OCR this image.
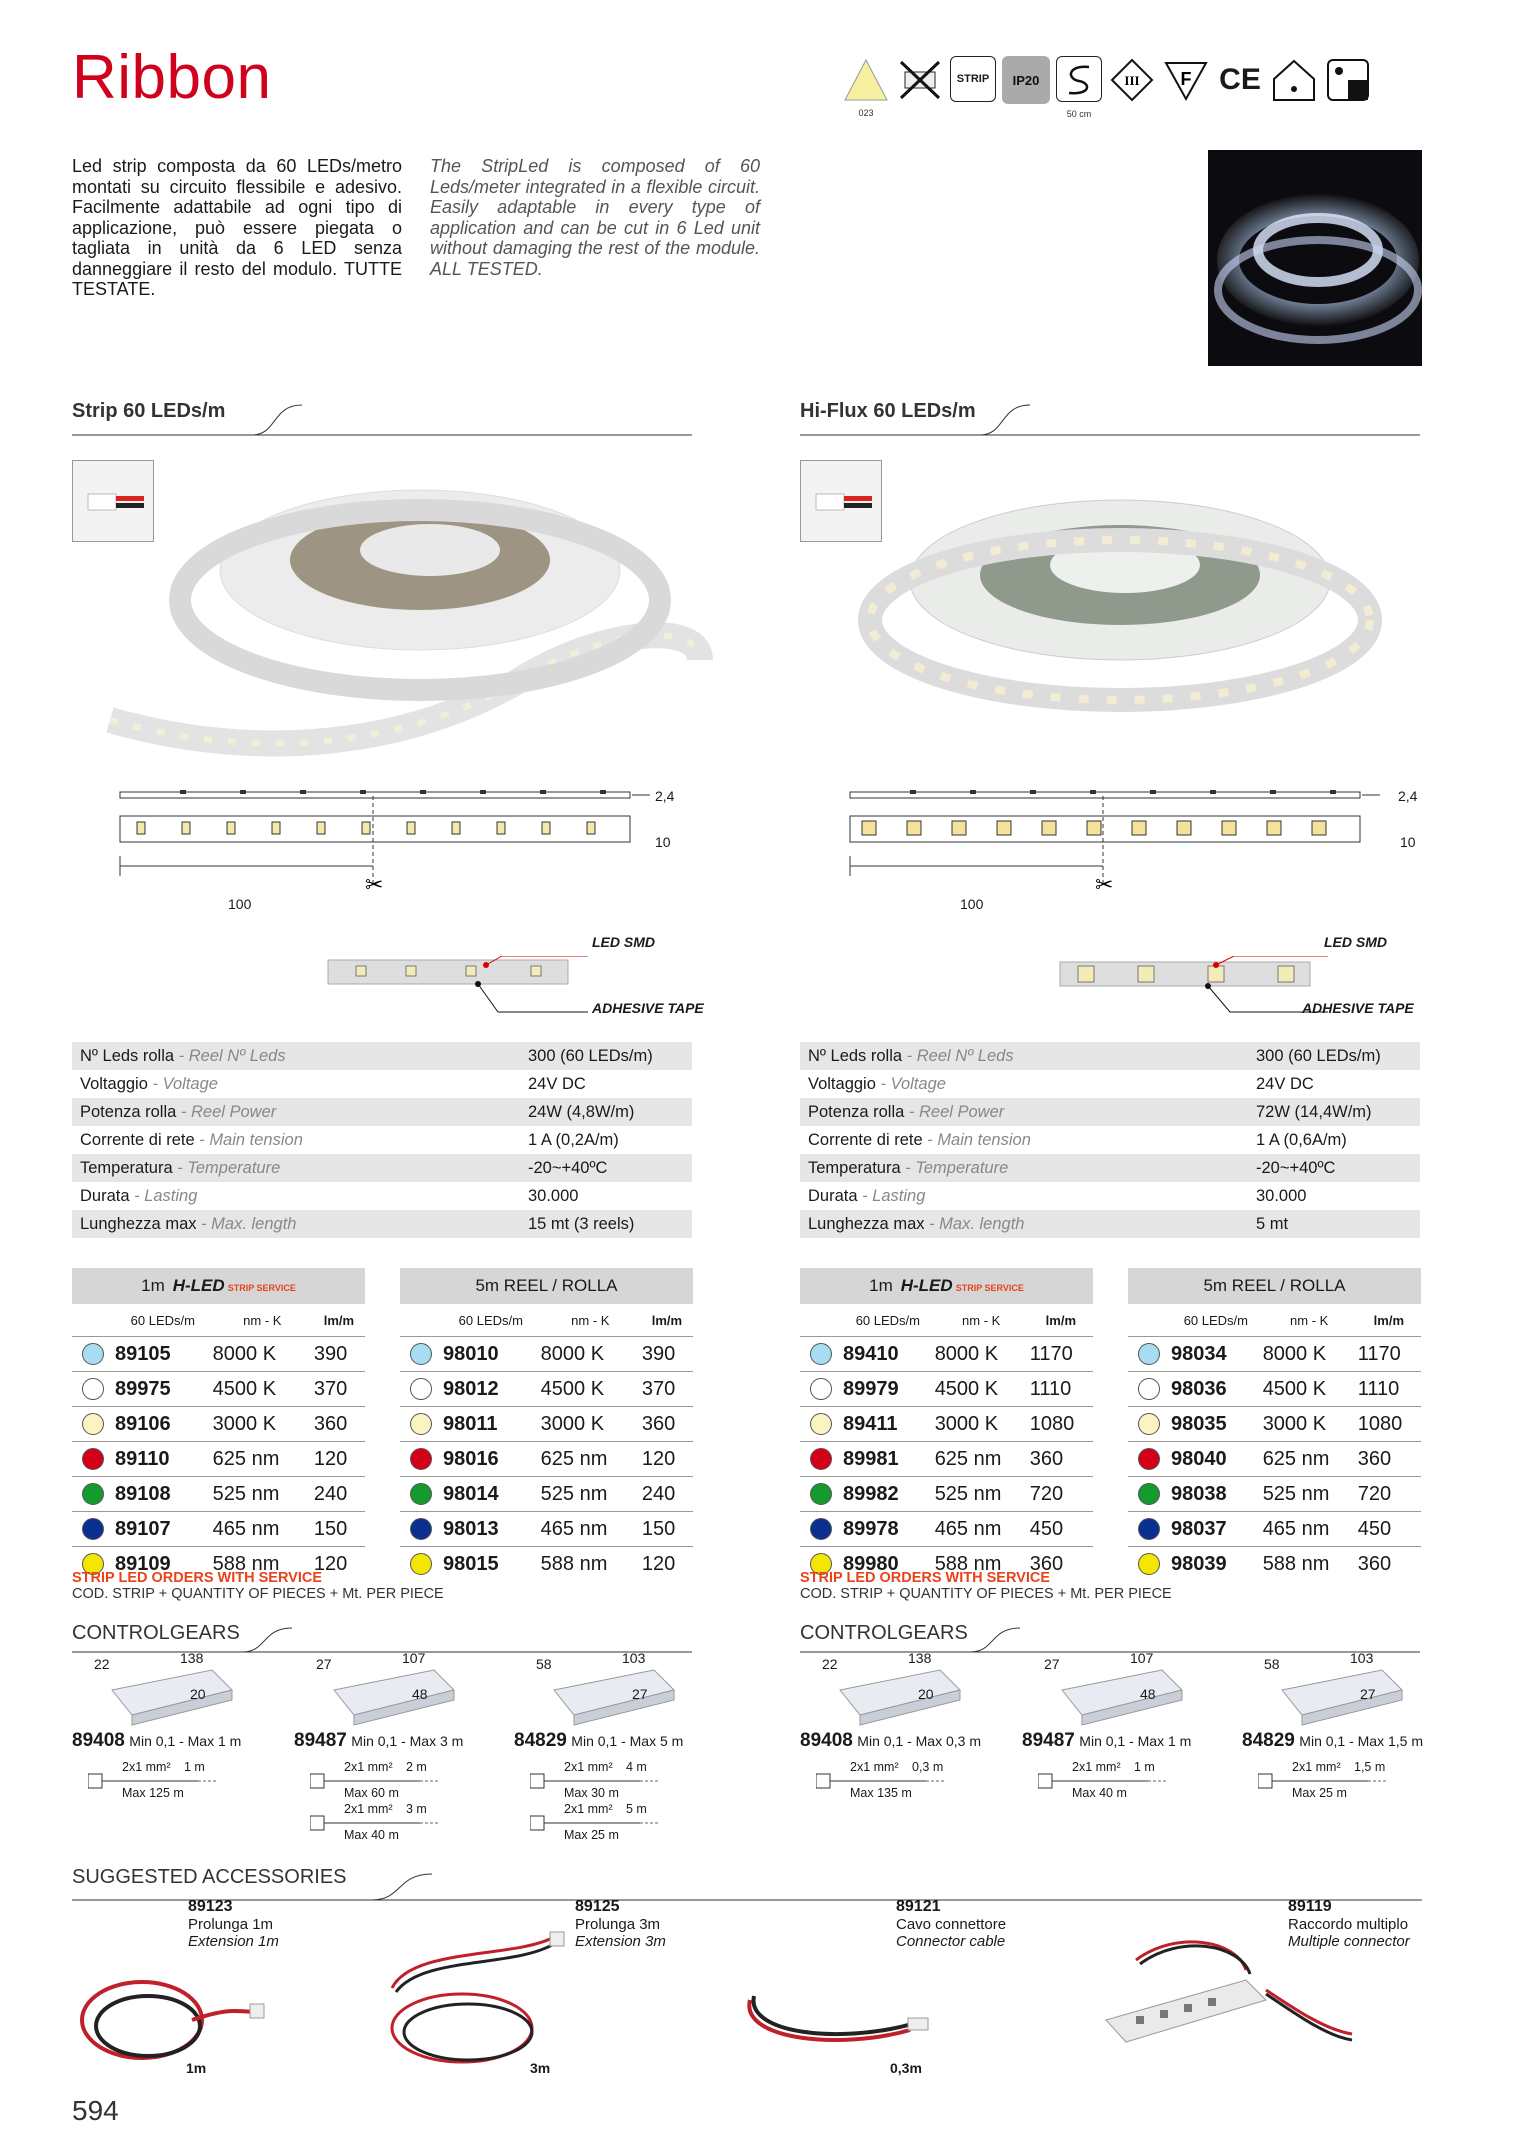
Ribbon
023
STRIP IP20
50 cm
III F CE
Led strip composta da 60 LEDs/metro montati su circuito flessibile e adesivo. Facilmente adattabile ad ogni tipo di applicazione, può essere piegata o tagliata in unità da 6 LED senza danneggiare il resto del modulo. TUTTE TESTATE.
The StripLed is composed of 60 Leds/meter integrated in a flexible circuit. Easily adaptable in every type of application and can be cut in 6 Led unit without damaging the rest of the module. ALL TESTED.
Strip 60 LEDs/m	Hi-Flux 60 LEDs/m
✂
2,4
10
100
✂
2,4
10
100
LED SMD
ADHESIVE TAPE
LED SMD
ADHESIVE TAPE
Nº Leds rolla - Reel Nº Leds	300 (60 LEDs/m)
Voltaggio - Voltage	24V DC
Potenza rolla - Reel Power	24W (4,8W/m)
Corrente di rete - Main tension	1 A (0,2A/m)
Temperatura - Temperature	-20~+40ºC
Durata - Lasting	30.000
Lunghezza max - Max. length	15 mt (3 reels)
Nº Leds rolla - Reel Nº Leds	300 (60 LEDs/m)
Voltaggio - Voltage	24V DC
Potenza rolla - Reel Power	72W (14,4W/m)
Corrente di rete - Main tension	1 A (0,6A/m)
Temperatura - Temperature	-20~+40ºC
Durata - Lasting	30.000
Lunghezza max - Max. length	5 mt
1m H-LED STRIP SERVICE			
	60 LEDs/m	nm - K	lm/m
	89105	8000 K	390
	89975	4500 K	370
	89106	3000 K	360
	89110	625 nm	120
	89108	525 nm	240
	89107	465 nm	150
	89109	588 nm	120
5m REEL / ROLLA			
	60 LEDs/m	nm - K	lm/m
	98010	8000 K	390
	98012	4500 K	370
	98011	3000 K	360
	98016	625 nm	120
	98014	525 nm	240
	98013	465 nm	150
	98015	588 nm	120
1m H-LED STRIP SERVICE			
	60 LEDs/m	nm - K	lm/m
	89410	8000 K	1170
	89979	4500 K	1110
	89411	3000 K	1080
	89981	625 nm	360
	89982	525 nm	720
	89978	465 nm	450
	89980	588 nm	360
5m REEL / ROLLA			
	60 LEDs/m	nm - K	lm/m
	98034	8000 K	1170
	98036	4500 K	1110
	98035	3000 K	1080
	98040	625 nm	360
	98038	525 nm	720
	98037	465 nm	450
	98039	588 nm	360
STRIP LED ORDERS WITH SERVICE
COD. STRIP + QUANTITY OF PIECES + Mt. PER PIECE
STRIP LED ORDERS WITH SERVICE
COD. STRIP + QUANTITY OF PIECES + Mt. PER PIECE
CONTROLGEARS	CONTROLGEARS
22	138
20
89408 Min 0,1 - Max 1 m
2x1 mm² 1 m
Max 125 m
27	107
48
89487 Min 0,1 - Max 3 m
2x1 mm² 2 m
Max 60 m
2x1 mm² 3 m
Max 40 m
58	103
27
84829 Min 0,1 - Max 5 m
2x1 mm² 4 m
Max 30 m
2x1 mm² 5 m
Max 25 m
22	138
20
89408 Min 0,1 - Max 0,3 m
2x1 mm² 0,3 m
Max 135 m
27	107
48
89487 Min 0,1 - Max 1 m
2x1 mm² 1 m
Max 40 m
58	103
27
84829 Min 0,1 - Max 1,5 m
2x1 mm² 1,5 m
Max 25 m
SUGGESTED ACCESSORIES
89123
Prolunga 1m
Extension 1m
89125
Prolunga 3m
Extension 3m
89121
Cavo connettore
Connector cable
89119
Raccordo multiplo
Multiple connector
1m	3m	0,3m
594
